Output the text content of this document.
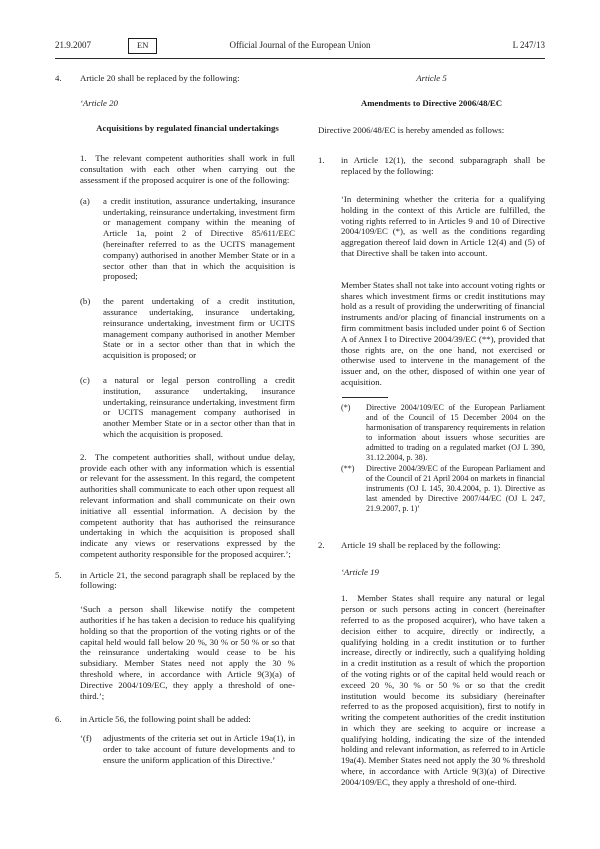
21.9.2007	EN	Official Journal of the European Union	L 247/13
4.	Article 20 shall be replaced by the following:

‘Article 20

Acquisitions by regulated financial undertakings

1.  The relevant competent authorities shall work in full consultation with each other when carrying out the assessment if the proposed acquirer is one of the following:

(a)	a credit institution, assurance undertaking, insurance undertaking, reinsurance undertaking, investment firm or management company within the meaning of Article 1a, point 2 of Directive 85/611/EEC (hereinafter referred to as the UCITS management company) authorised in another Member State or in a sector other than that in which the acquisition is proposed;
(b)	the parent undertaking of a credit institution, assurance undertaking, insurance undertaking, reinsurance undertaking, investment firm or UCITS management company authorised in another Member State or in a sector other than that in which the acquisition is proposed; or
(c)	a natural or legal person controlling a credit institution, assurance undertaking, insurance undertaking, reinsurance undertaking, investment firm or UCITS management company authorised in another Member State or in a sector other than that in which the acquisition is proposed.

2.  The competent authorities shall, without undue delay, provide each other with any information which is essential or relevant for the assessment. In this regard, the competent authorities shall communicate to each other upon request all relevant information and shall communicate on their own initiative all essential information. A decision by the competent authority that has authorised the reinsurance undertaking in which the acquisition is proposed shall indicate any views or reservations expressed by the competent authority responsible for the proposed acquirer.’;

5.	in Article 21, the second paragraph shall be replaced by the following:

‘Such a person shall likewise notify the competent authorities if he has taken a decision to reduce his qualifying holding so that the proportion of the voting rights or of the capital held would fall below 20 %, 30 % or 50 % or so that the reinsurance undertaking would cease to be his subsidiary. Member States need not apply the 30 % threshold where, in accordance with Article 9(3)(a) of Directive 2004/109/EC, they apply a threshold of one-third.’;

6.	in Article 56, the following point shall be added:
‘(f)	adjustments of the criteria set out in Article 19a(1), in order to take account of future developments and to ensure the uniform application of this Directive.’

Article 5

Amendments to Directive 2006/48/EC

Directive 2006/48/EC is hereby amended as follows:

1.	in Article 12(1), the second subparagraph shall be replaced by the following:

‘In determining whether the criteria for a qualifying holding in the context of this Article are fulfilled, the voting rights referred to in Articles 9 and 10 of Directive 2004/109/EC (*), as well as the conditions regarding aggregation thereof laid down in Article 12(4) and (5) of that Directive shall be taken into account.

Member States shall not take into account voting rights or shares which investment firms or credit institutions may hold as a result of providing the underwriting of financial instruments and/or placing of financial instruments on a firm commitment basis included under point 6 of Section A of Annex I to Directive 2004/39/EC (**), provided that those rights are, on the one hand, not exercised or otherwise used to intervene in the management of the issuer and, on the other, disposed of within one year of acquisition.

(*)	Directive 2004/109/EC of the European Parliament and of the Council of 15 December 2004 on the harmonisation of transparency requirements in relation to information about issuers whose securities are admitted to trading on a regulated market (OJ L 390, 31.12.2004, p. 38).
(**)	Directive 2004/39/EC of the European Parliament and of the Council of 21 April 2004 on markets in financial instruments (OJ L 145, 30.4.2004, p. 1). Directive as last amended by Directive 2007/44/EC (OJ L 247, 21.9.2007, p. 1)’
2.	Article 19 shall be replaced by the following:

‘Article 19

1.  Member States shall require any natural or legal person or such persons acting in concert (hereinafter referred to as the proposed acquirer), who have taken a decision either to acquire, directly or indirectly, a qualifying holding in a credit institution or to further increase, directly or indirectly, such a qualifying holding in a credit institution as a result of which the proportion of the voting rights or of the capital held would reach or exceed 20 %, 30 % or 50 % or so that the credit institution would become its subsidiary (hereinafter referred to as the proposed acquisition), first to notify in writing the competent authorities of the credit institution in which they are seeking to acquire or increase a qualifying holding, indicating the size of the intended holding and relevant information, as referred to in Article 19a(4). Member States need not apply the 30 % threshold where, in accordance with Article 9(3)(a) of Directive 2004/109/EC, they apply a threshold of one-third.
